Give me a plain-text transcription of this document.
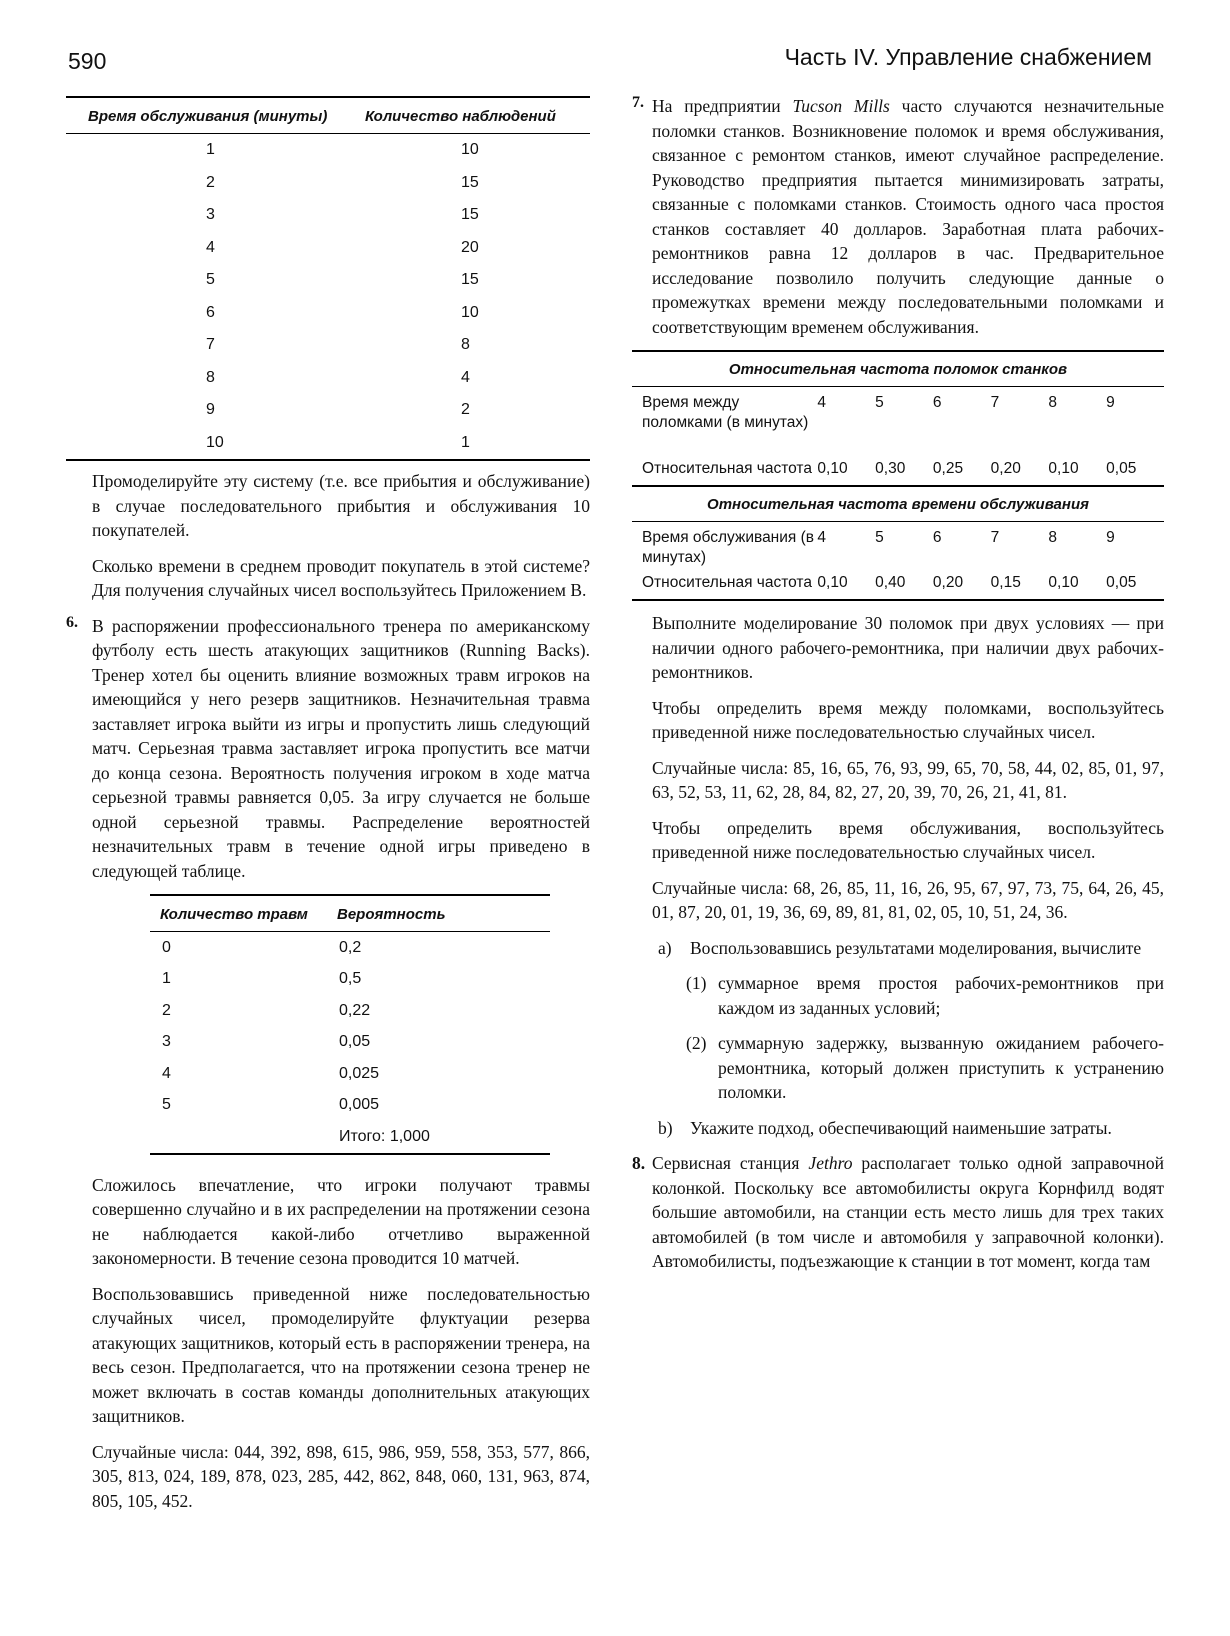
590	Часть IV. Управление снабжением
Время обслуживания (минуты)	Количество наблюдений
1	10
2	15
3	15
4	20
5	15
6	10
7	8
8	4
9	2
10	1

Промоделируйте эту систему (т.е. все прибытия и обслуживание) в случае последовательного прибытия и обслуживания 10 покупателей.

Сколько времени в среднем проводит покупатель в этой системе? Для получения случайных чисел воспользуйтесь Приложением В.

6. В распоряжении профессионального тренера по американскому футболу есть шесть атакующих защитников (Running Backs). Тренер хотел бы оценить влияние возможных травм игроков на имеющийся у него резерв защитников. Незначительная травма заставляет игрока выйти из игры и пропустить лишь следующий матч. Серьезная травма заставляет игрока пропустить все матчи до конца сезона. Вероятность получения игроком в ходе матча серьезной травмы равняется 0,05. За игру случается не больше одной серьезной травмы. Распределение вероятностей незначительных травм в течение одной игры приведено в следующей таблице.

Количество травм	Вероятность
0	0,2
1	0,5
2	0,22
3	0,05
4	0,025
5	0,005
	Итого: 1,000

Сложилось впечатление, что игроки получают травмы совершенно случайно и в их распределении на протяжении сезона не наблюдается какой-либо отчетливо выраженной закономерности. В течение сезона проводится 10 матчей.

Воспользовавшись приведенной ниже последовательностью случайных чисел, промоделируйте флуктуации резерва атакующих защитников, который есть в распоряжении тренера, на весь сезон. Предполагается, что на протяжении сезона тренер не может включать в состав команды дополнительных атакующих защитников.

Случайные числа: 044, 392, 898, 615, 986, 959, 558, 353, 577, 866, 305, 813, 024, 189, 878, 023, 285, 442, 862, 848, 060, 131, 963, 874, 805, 105, 452.

7. На предприятии Tucson Mills часто случаются незначительные поломки станков. Возникновение поломок и время обслуживания, связанное с ремонтом станков, имеют случайное распределение. Руководство предприятия пытается минимизировать затраты, связанные с поломками станков. Стоимость одного часа простоя станков составляет 40 долларов. Заработная плата рабочих-ремонтников равна 12 долларов в час. Предварительное исследование позволило получить следующие данные о промежутках времени между последовательными поломками и соответствующим временем обслуживания.

Относительная частота поломок станков						
Время между поломками (в минутах)	4	5	6	7	8	9
Относительная частота	0,10	0,30	0,25	0,20	0,10	0,05
Относительная частота времени обслуживания						
Время обслуживания (в минутах)	4	5	6	7	8	9
Относительная частота	0,10	0,40	0,20	0,15	0,10	0,05

Выполните моделирование 30 поломок при двух условиях — при наличии одного рабочего-ремонтника, при наличии двух рабочих-ремонтников.

Чтобы определить время между поломками, воспользуйтесь приведенной ниже последовательностью случайных чисел.

Случайные числа: 85, 16, 65, 76, 93, 99, 65, 70, 58, 44, 02, 85, 01, 97, 63, 52, 53, 11, 62, 28, 84, 82, 27, 20, 39, 70, 26, 21, 41, 81.

Чтобы определить время обслуживания, воспользуйтесь приведенной ниже последовательностью случайных чисел.

Случайные числа: 68, 26, 85, 11, 16, 26, 95, 67, 97, 73, 75, 64, 26, 45, 01, 87, 20, 01, 19, 36, 69, 89, 81, 81, 02, 05, 10, 51, 24, 36.

a) Воспользовавшись результатами моделирования, вычислите

(1) суммарное время простоя рабочих-ремонтников при каждом из заданных условий;

(2) суммарную задержку, вызванную ожиданием рабочего-ремонтника, который должен приступить к устранению поломки.

b) Укажите подход, обеспечивающий наименьшие затраты.

8. Сервисная станция Jethro располагает только одной заправочной колонкой. Поскольку все автомобилисты округа Корнфилд водят большие автомобили, на станции есть место лишь для трех таких автомобилей (в том числе и автомобиля у заправочной колонки). Автомобилисты, подъезжающие к станции в тот момент, когда там
